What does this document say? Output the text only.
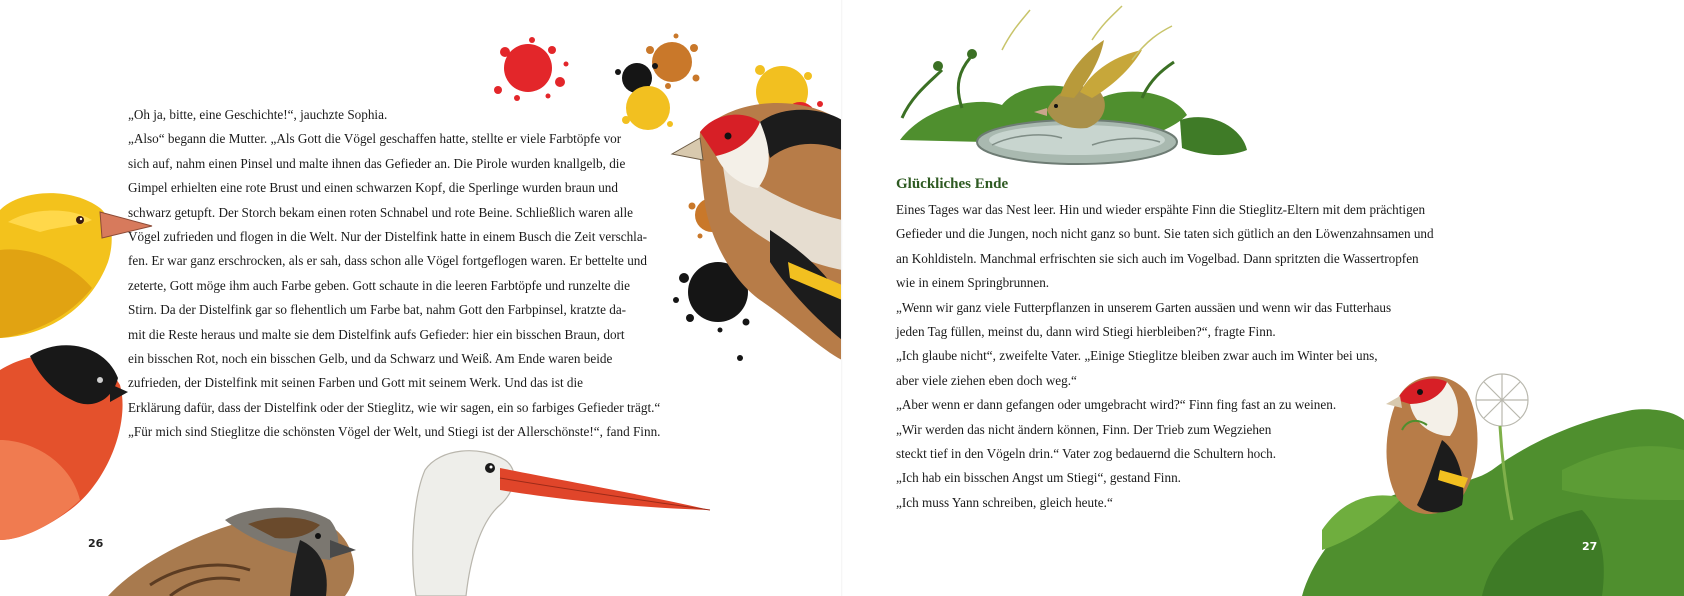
„Oh ja, bitte, eine Geschichte!“, jauchzte Sophia.
„Also“ begann die Mutter. „Als Gott die Vögel geschaffen hatte, stellte er viele Farbtöpfe vor
sich auf, nahm einen Pinsel und malte ihnen das Gefieder an. Die Pirole wurden knallgelb, die
Gimpel erhielten eine rote Brust und einen schwarzen Kopf, die Sperlinge wurden braun und
schwarz getupft. Der Storch bekam einen roten Schnabel und rote Beine. Schließlich waren alle
Vögel zufrieden und flogen in die Welt. Nur der Distelfink hatte in einem Busch die Zeit verschla-
fen. Er war ganz erschrocken, als er sah, dass schon alle Vögel fortgeflogen waren. Er bettelte und
zeterte, Gott möge ihm auch Farbe geben. Gott schaute in die leeren Farbtöpfe und runzelte die
Stirn. Da der Distelfink gar so flehentlich um Farbe bat, nahm Gott den Farbpinsel, kratzte da-
mit die Reste heraus und malte sie dem Distelfink aufs Gefieder: hier ein bisschen Braun, dort
ein bisschen Rot, noch ein bisschen Gelb, und da Schwarz und Weiß. Am Ende waren beide
zufrieden, der Distelfink mit seinen Farben und Gott mit seinem Werk. Und das ist die
Erklärung dafür, dass der Distelfink oder der Stieglitz, wie wir sagen, ein so farbiges Gefieder trägt.“
„Für mich sind Stieglitze die schönsten Vögel der Welt, und Stiegi ist der Allerschönste!“, fand Finn.
26
Glückliches Ende
Eines Tages war das Nest leer. Hin und wieder erspähte Finn die Stieglitz-Eltern mit dem prächtigen
Gefieder und die Jungen, noch nicht ganz so bunt. Sie taten sich gütlich an den Löwenzahnsamen und
an Kohldisteln. Manchmal erfrischten sie sich auch im Vogelbad. Dann spritzten die Wassertropfen
wie in einem Springbrunnen.
„Wenn wir ganz viele Futterpflanzen in unserem Garten aussäen und wenn wir das Futterhaus
jeden Tag füllen, meinst du, dann wird Stiegi hierbleiben?“, fragte Finn.
„Ich glaube nicht“, zweifelte Vater. „Einige Stieglitze bleiben zwar auch im Winter bei uns,
aber viele ziehen eben doch weg.“
„Aber wenn er dann gefangen oder umgebracht wird?“ Finn fing fast an zu weinen.
„Wir werden das nicht ändern können, Finn. Der Trieb zum Wegziehen
steckt tief in den Vögeln drin.“ Vater zog bedauernd die Schultern hoch.
„Ich hab ein bisschen Angst um Stiegi“, gestand Finn.
„Ich muss Yann schreiben, gleich heute.“
27
